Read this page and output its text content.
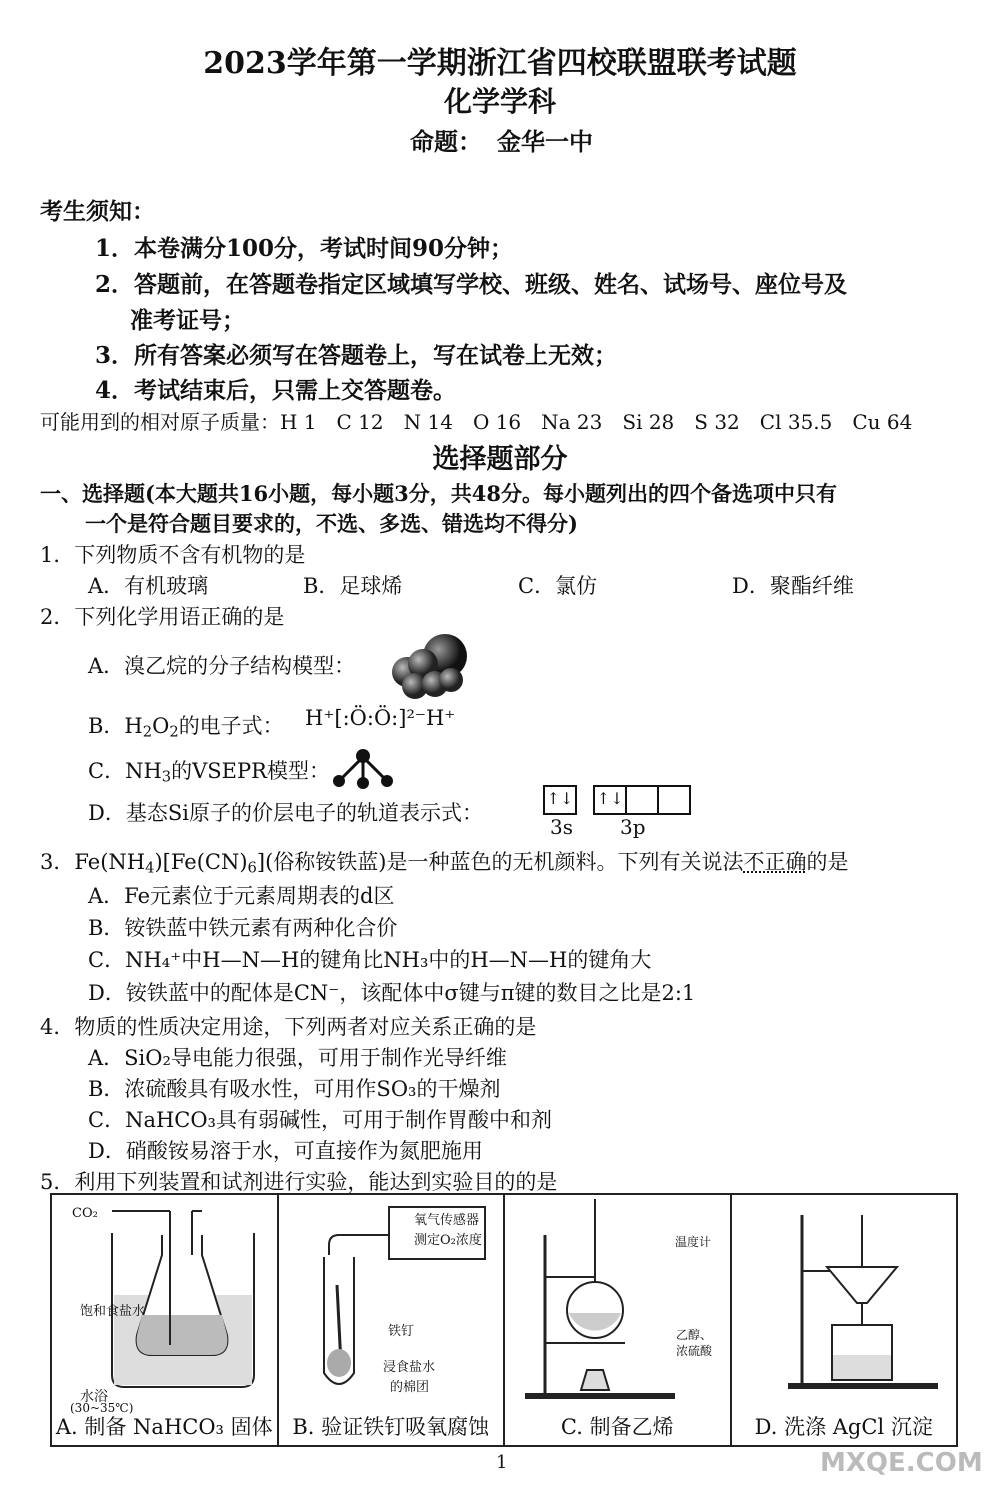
2023学年第一学期浙江省四校联盟联考试题
化学学科
命题： 金华一中
考生须知：
1．本卷满分100分，考试时间90分钟；
2．答题前，在答题卷指定区域填写学校、班级、姓名、试场号、座位号及
准考证号；
3．所有答案必须写在答题卷上，写在试卷上无效；
4．考试结束后，只需上交答题卷。
可能用到的相对原子质量：H 1　C 12　N 14　O 16　Na 23　Si 28　S 32　Cl 35.5　Cu 64
选择题部分
一、选择题(本大题共16小题，每小题3分，共48分。每小题列出的四个备选项中只有
一个是符合题目要求的，不选、多选、错选均不得分)
1．下列物质不含有机物的是
A．有机玻璃	B．足球烯	C．氯仿	D．聚酯纤维
2．下列化学用语正确的是
A．溴乙烷的分子结构模型：
B．$H_2O_2$的电子式： H⁺[:Ö:Ö:]²⁻H⁺
C．$NH_3$的VSEPR模型：
D．基态Si原子的价层电子的轨道表示式：
↑↓ ↑↓
3s 3p
3．$Fe(NH_4)[Fe(CN)_6]$(俗称铵铁蓝)是一种蓝色的无机颜料。下列有关说法不正确的是
A．Fe元素位于元素周期表的d区
B．铵铁蓝中铁元素有两种化合价
C．NH₄⁺中H—N—H的键角比NH₃中的H—N—H的键角大
D．铵铁蓝中的配体是CN⁻，该配体中σ键与π键的数目之比是2:1
4．物质的性质决定用途，下列两者对应关系正确的是
A．SiO₂导电能力很强，可用于制作光导纤维
B．浓硫酸具有吸水性，可用作SO₃的干燥剂
C．NaHCO₃具有弱碱性，可用于制作胃酸中和剂
D．硝酸铵易溶于水，可直接作为氮肥施用
5．利用下列装置和试剂进行实验，能达到实验目的的是
CO₂
A. 制备 NaHCO₃ 固体	B. 验证铁钉吸氧腐蚀	C. 制备乙烯	D. 洗涤 AgCl 沉淀
水浴
(30~35℃)
饱和食盐水
氧气传感器
测定O₂浓度
铁钉
浸食盐水
的棉团
温度计
乙醇、
浓硫酸
1	MXQE.COM
